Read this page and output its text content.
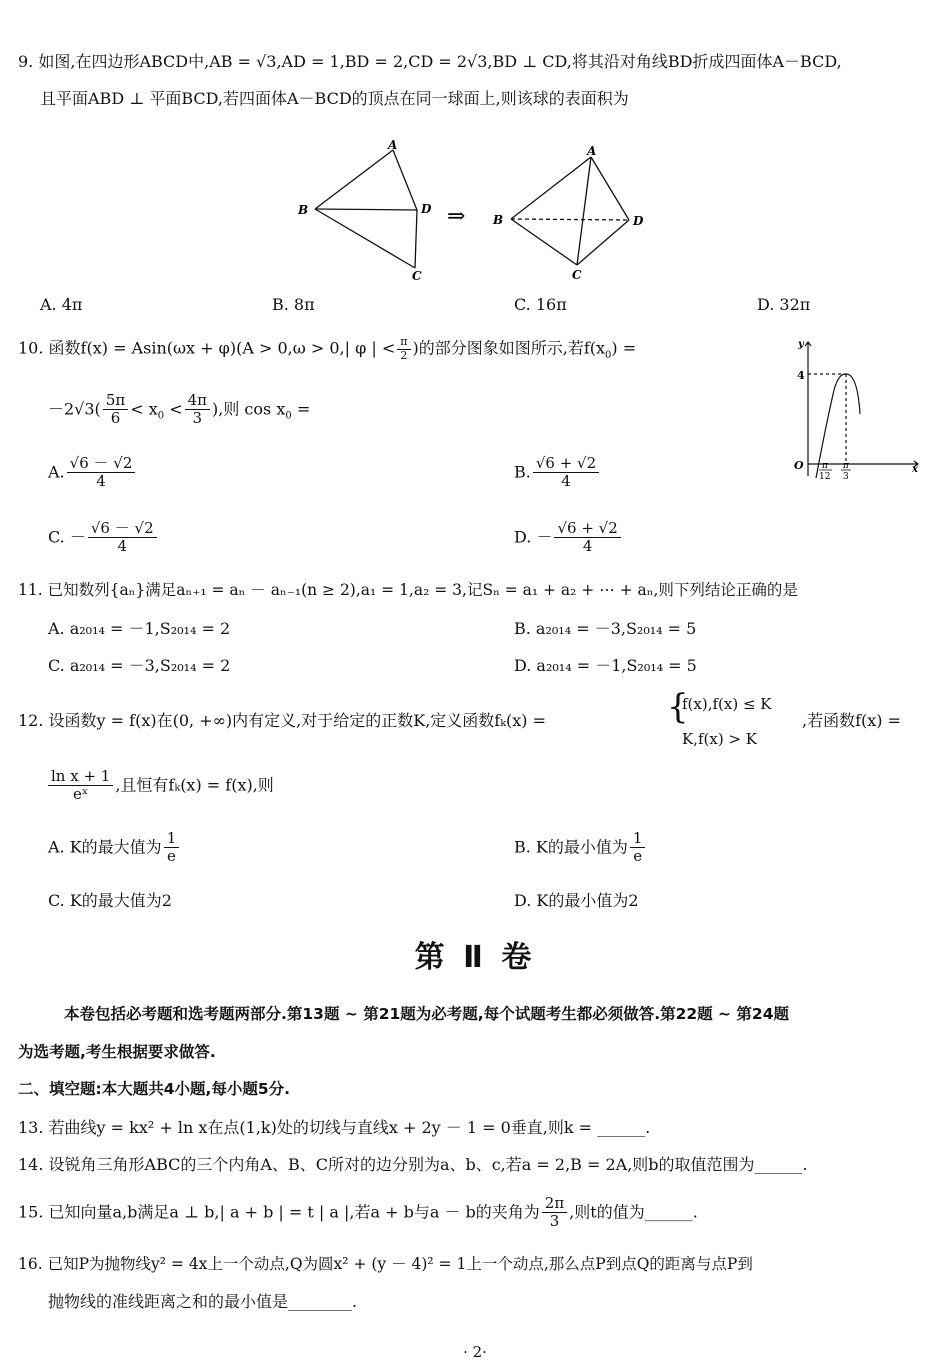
9. 如图,在四边形ABCD中,AB = √3,AD = 1,BD = 2,CD = 2√3,BD ⊥ CD,将其沿对角线BD折成四面体A－BCD,
且平面ABD ⊥ 平面BCD,若四面体A－BCD的顶点在同一球面上,则该球的表面积为
A
B	D
C
⇒
A
B	D
C
A. 4π	B. 8π	C. 16π	D. 32π
10. 函数f(x) = Asin(ωx + φ)(A > 0,ω > 0,| φ | < $\frac{\pi}{2}$ )的部分图象如图所示,若$f(x_0)$ =
$-2√3( \frac{5\pi}{6} < x_0 < \frac{4\pi}{3}$ ),则 $\cos x_0$ =
y
x
O
4
π
12
π
3
A. $\frac{√6 - √2}{4}$	B. $\frac{√6 + √2}{4}$
C. － $\frac{√6 - √2}{4}$	D. － $\frac{√6 + √2}{4}$
11. 已知数列{aₙ}满足aₙ₊₁ = aₙ － aₙ₋₁(n ≥ 2),a₁ = 1,a₂ = 3,记Sₙ = a₁ + a₂ + ⋯ + aₙ,则下列结论正确的是
A. a₂₀₁₄ = －1,S₂₀₁₄ = 2	B. a₂₀₁₄ = －3,S₂₀₁₄ = 5
C. a₂₀₁₄ = －3,S₂₀₁₄ = 2	D. a₂₀₁₄ = －1,S₂₀₁₄ = 5
12. 设函数y = f(x)在(0, +∞)内有定义,对于给定的正数K,定义函数fₖ(x) =	{
f(x),f(x) ≤ K
K,f(x) > K
,若函数f(x) =
$\frac{\text{ln x + 1}}{\text{eˣ}}$ ,且恒有fₖ(x) = f(x),则
A. K的最大值为 $\frac{1}{e}$	B. K的最小值为 $\frac{1}{e}$
C. K的最大值为2	D. K的最小值为2
第 Ⅱ 卷
本卷包括必考题和选考题两部分.第13题 ~ 第21题为必考题,每个试题考生都必须做答.第22题 ~ 第24题
为选考题,考生根据要求做答.
二、填空题:本大题共4小题,每小题5分.
13. 若曲线y = kx² + ln x在点(1,k)处的切线与直线x + 2y － 1 = 0垂直,则k = ______.
14. 设锐角三角形ABC的三个内角A、B、C所对的边分别为a、b、c,若a = 2,B = 2A,则b的取值范围为______.
15. 已知向量a,b满足a ⊥ b,| a + b | = t | a |,若a + b与a － b的夹角为 $\frac{2\pi}{3}$ ,则t的值为______.
16. 已知P为抛物线y² = 4x上一个动点,Q为圆x² + (y － 4)² = 1上一个动点,那么点P到点Q的距离与点P到
抛物线的准线距离之和的最小值是________.
· 2·
